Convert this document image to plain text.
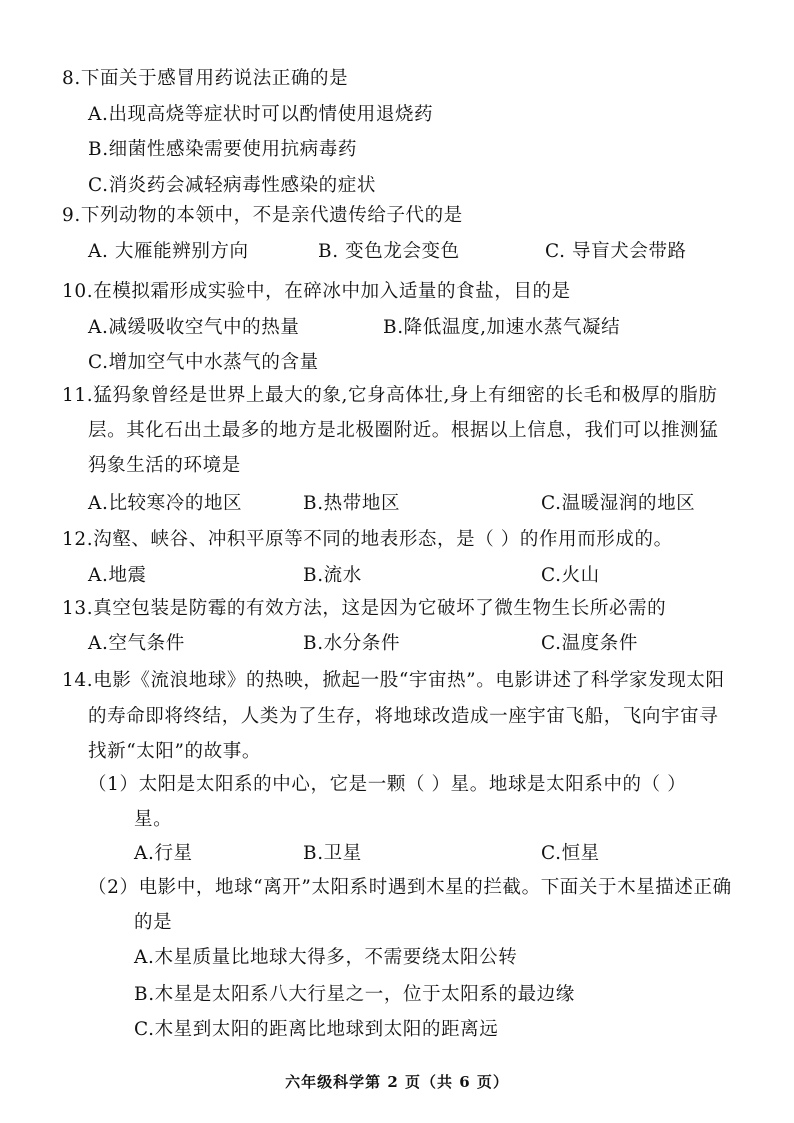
8.下面关于感冒用药说法正确的是
A.出现高烧等症状时可以酌情使用退烧药
B.细菌性感染需要使用抗病毒药
C.消炎药会减轻病毒性感染的症状
9.下列动物的本领中，不是亲代遗传给子代的是
A. 大雁能辨别方向	B. 变色龙会变色	C. 导盲犬会带路
10.在模拟霜形成实验中，在碎冰中加入适量的食盐，目的是
A.减缓吸收空气中的热量	B.降低温度,加速水蒸气凝结
C.增加空气中水蒸气的含量
11.猛犸象曾经是世界上最大的象,它身高体壮,身上有细密的长毛和极厚的脂肪
层。其化石出土最多的地方是北极圈附近。根据以上信息，我们可以推测猛
犸象生活的环境是
A.比较寒冷的地区	B.热带地区	C.温暖湿润的地区
12.沟壑、峡谷、冲积平原等不同的地表形态，是（ ）的作用而形成的。
A.地震	B.流水	C.火山
13.真空包装是防霉的有效方法，这是因为它破坏了微生物生长所必需的
A.空气条件	B.水分条件	C.温度条件
14.电影《流浪地球》的热映，掀起一股“宇宙热”。电影讲述了科学家发现太阳
的寿命即将终结，人类为了生存，将地球改造成一座宇宙飞船，飞向宇宙寻
找新“太阳”的故事。
（1）太阳是太阳系的中心，它是一颗（ ）星。地球是太阳系中的（ ）
星。
A.行星	B.卫星	C.恒星
（2）电影中，地球“离开”太阳系时遇到木星的拦截。下面关于木星描述正确
的是
A.木星质量比地球大得多，不需要绕太阳公转
B.木星是太阳系八大行星之一，位于太阳系的最边缘
C.木星到太阳的距离比地球到太阳的距离远
六年级科学第 2 页（共 6 页）
